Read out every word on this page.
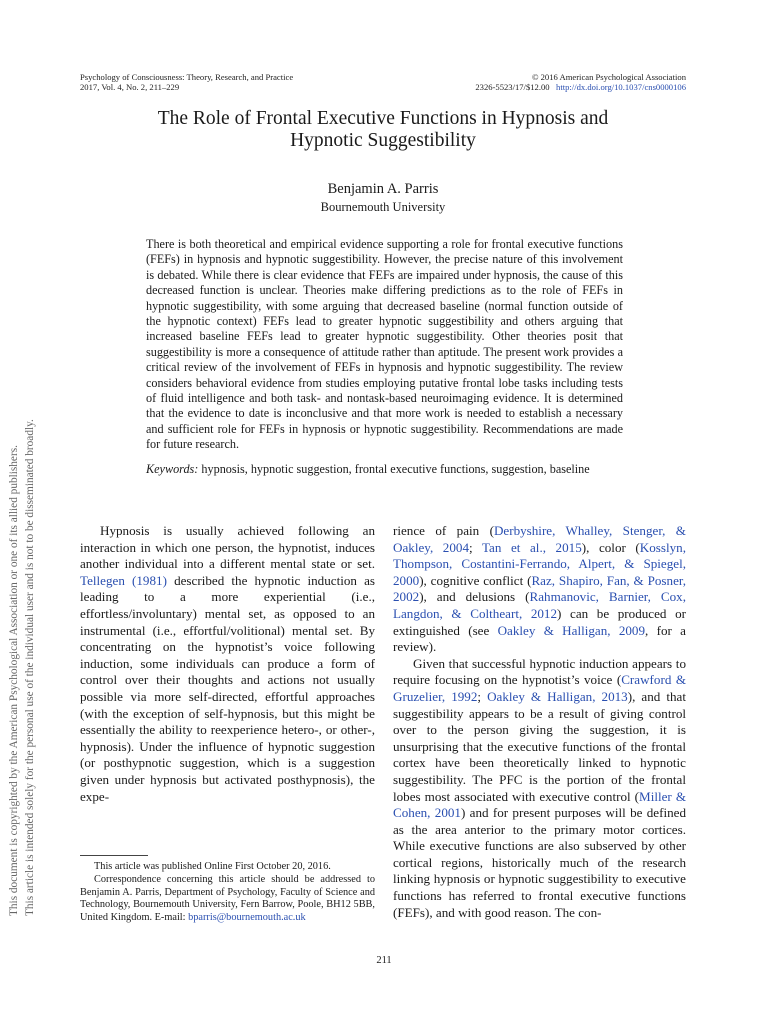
Psychology of Consciousness: Theory, Research, and Practice
2017, Vol. 4, No. 2, 211–229
© 2016 American Psychological Association
2326-5523/17/$12.00 http://dx.doi.org/10.1037/cns0000106
The Role of Frontal Executive Functions in Hypnosis and
Hypnotic Suggestibility
Benjamin A. Parris
Bournemouth University

There is both theoretical and empirical evidence supporting a role for frontal executive functions (FEFs) in hypnosis and hypnotic suggestibility. However, the precise nature of this involvement is debated. While there is clear evidence that FEFs are impaired under hypnosis, the cause of this decreased function is unclear. Theories make differing predictions as to the role of FEFs in hypnotic suggestibility, with some arguing that decreased baseline (normal function outside of the hypnotic context) FEFs lead to greater hypnotic suggestibility and others arguing that increased baseline FEFs lead to greater hypnotic suggestibility. Other theories posit that suggestibility is more a consequence of attitude rather than aptitude. The present work provides a critical review of the involvement of FEFs in hypnosis and hypnotic suggestibility. The review considers behavioral evidence from studies employing putative frontal lobe tasks including tests of fluid intelligence and both task- and nontask-based neuroimaging evidence. It is determined that the evidence to date is inconclusive and that more work is needed to establish a necessary and sufficient role for FEFs in hypnosis or hypnotic suggestibility. Recommendations are made for future research.

Keywords: hypnosis, hypnotic suggestion, frontal executive functions, suggestion, baseline

Hypnosis is usually achieved following an interaction in which one person, the hypnotist, induces another individual into a different mental state or set. Tellegen (1981) described the hypnotic induction as leading to a more experiential (i.e., effortless/involuntary) mental set, as opposed to an instrumental (i.e., effortful/volitional) mental set. By concentrating on the hypnotist’s voice following induction, some individuals can produce a form of control over their thoughts and actions not usually possible via more self-directed, effortful approaches (with the exception of self-hypnosis, but this might be essentially the ability to reexperience hetero-, or other-, hypnosis). Under the influence of hypnotic suggestion (or posthypnotic suggestion, which is a suggestion given under hypnosis but activated posthypnosis), the expe-

rience of pain (Derbyshire, Whalley, Stenger, & Oakley, 2004; Tan et al., 2015), color (Kosslyn, Thompson, Costantini-Ferrando, Alpert, & Spiegel, 2000), cognitive conflict (Raz, Shapiro, Fan, & Posner, 2002), and delusions (Rahmanovic, Barnier, Cox, Langdon, & Coltheart, 2012) can be produced or extinguished (see Oakley & Halligan, 2009, for a review).

Given that successful hypnotic induction appears to require focusing on the hypnotist’s voice (Crawford & Gruzelier, 1992; Oakley & Halligan, 2013), and that suggestibility appears to be a result of giving control over to the person giving the suggestion, it is unsurprising that the executive functions of the frontal cortex have been theoretically linked to hypnotic suggestibility. The PFC is the portion of the frontal lobes most associated with executive control (Miller & Cohen, 2001) and for present purposes will be defined as the area anterior to the primary motor cortices. While executive functions are also subserved by other cortical regions, historically much of the research linking hypnosis or hypnotic suggestibility to executive functions has referred to frontal executive functions (FEFs), and with good reason. The con-

This article was published Online First October 20, 2016.

Correspondence concerning this article should be addressed to Benjamin A. Parris, Department of Psychology, Faculty of Science and Technology, Bournemouth University, Fern Barrow, Poole, BH12 5BB, United Kingdom. E-mail: bparris@bournemouth.ac.uk

211
This document is copyrighted by the American Psychological Association or one of its allied publishers. This article is intended solely for the personal use of the individual user and is not to be disseminated broadly.
